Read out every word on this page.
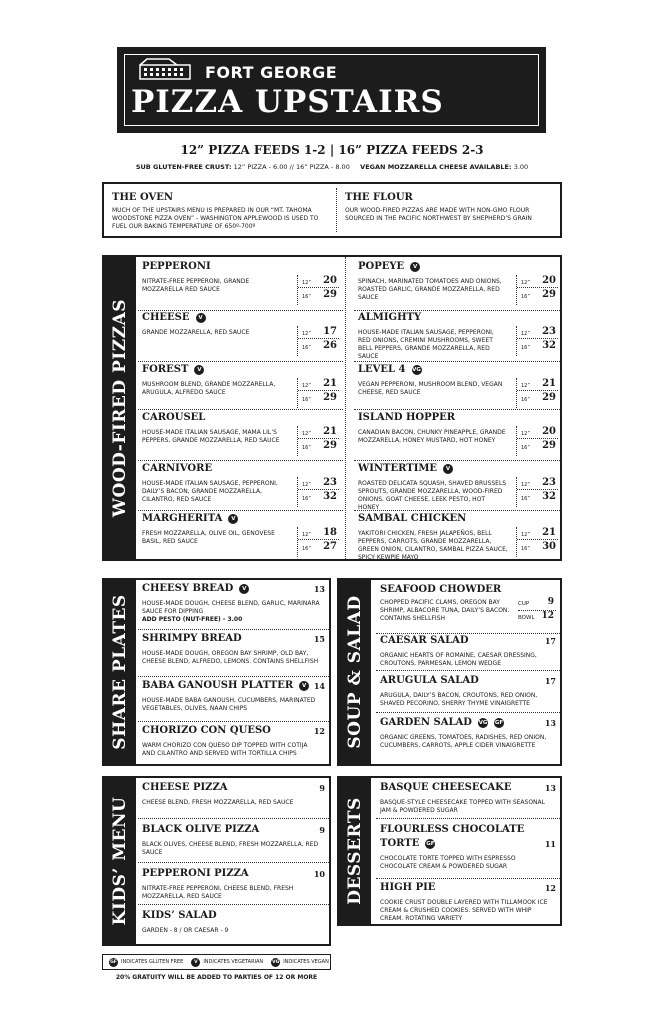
FORT GEORGE
PIZZA UPSTAIRS
12” PIZZA FEEDS 1-2 | 16” PIZZA FEEDS 2-3
SUB GLUTEN-FREE CRUST: 12” PIZZA - 6.00 // 16” PIZZA - 8.00 VEGAN MOZZARELLA CHEESE AVAILABLE: 3.00
THE OVEN
MUCH OF THE UPSTAIRS MENU IS PREPARED IN OUR “MT. TAHOMA WOODSTONE PIZZA OVEN” - WASHINGTON APPLEWOOD IS USED TO FUEL OUR BAKING TEMPERATURE OF 650º-700º
THE FLOUR
OUR WOOD-FIRED PIZZAS ARE MADE WITH NON-GMO FLOUR SOURCED IN THE PACIFIC NORTHWEST BY SHEPHERD’S GRAIN
WOOD-FIRED PIZZAS
PEPPERONI
NITRATE-FREE PEPPERONI, GRANDE MOZZARELLA RED SAUCE
12” 20
16” 29
CHEESE	V
GRANDE MOZZARELLA, RED SAUCE	12” 17
16” 26
FOREST	V
MUSHROOM BLEND, GRANDE MOZZARELLA, ARUGULA, ALFREDO SAUCE
12” 21
16” 29
CAROUSEL
HOUSE-MADE ITALIAN SAUSAGE, MAMA LIL’S PEPPERS, GRANDE MOZZARELLA, RED SAUCE
12” 21
16” 29
CARNIVORE
HOUSE-MADE ITALIAN SAUSAGE, PEPPERONI, DAILY’S BACON, GRANDE MOZZARELLA, CILANTRO, RED SAUCE
12” 23
16” 32
MARGHERITA	V
FRESH MOZZARELLA, OLIVE OIL, GENOVESE BASIL, RED SAUCE
12” 18
16” 27
POPEYE	V
SPINACH, MARINATED TOMATOES AND ONIONS, ROASTED GARLIC, GRANDE MOZZARELLA, RED SAUCE
12” 20
16” 29
ALMIGHTY
HOUSE-MADE ITALIAN SAUSAGE, PEPPERONI, RED ONIONS, CREMINI MUSHROOMS, SWEET BELL PEPPERS, GRANDE MOZZARELLA, RED SAUCE
12” 23
16” 32
LEVEL 4 VG
VEGAN PEPPERONI, MUSHROOM BLEND, VEGAN CHEESE, RED SAUCE
12” 21
16” 29
ISLAND HOPPER
CANADIAN BACON, CHUNKY PINEAPPLE, GRANDE MOZZARELLA, HONEY MUSTARD, HOT HONEY
12” 20
16” 29
WINTERTIME	V
ROASTED DELICATA SQUASH, SHAVED BRUSSELS SPROUTS, GRANDE MOZZARELLA, WOOD-FIRED ONIONS, GOAT CHEESE, LEEK PESTO, HOT HONEY
12” 23
16” 32
SAMBAL CHICKEN
YAKITORI CHICKEN, FRESH JALAPEÑOS, BELL PEPPERS, CARROTS, GRANDE MOZZARELLA, GREEN ONION, CILANTRO, SAMBAL PIZZA SAUCE, SPICY KEWPIE MAYO
12” 21
16” 30
SHARE PLATES
CHEESY BREAD	V	13
HOUSE-MADE DOUGH, CHEESE BLEND, GARLIC, MARINARA SAUCE FOR DIPPING
ADD PESTO (NUT-FREE) - 3.00
SHRIMPY BREAD	15
HOUSE-MADE DOUGH, OREGON BAY SHRIMP, OLD BAY, CHEESE BLEND, ALFREDO, LEMONS. CONTAINS SHELLFISH
BABA GANOUSH PLATTER	V 14
HOUSE-MADE BABA GANOUSH, CUCUMBERS, MARINATED VEGETABLES, OLIVES, NAAN CHIPS
CHORIZO CON QUESO	12
WARM CHORIZO CON QUESO DIP TOPPED WITH COTIJA AND CILANTRO AND SERVED WITH TORTILLA CHIPS
SOUP & SALAD
SEAFOOD CHOWDER
CHOPPED PACIFIC CLAMS, OREGON BAY SHRIMP, ALBACORE TUNA, DAILY’S BACON. CONTAINS SHELLFISH
CUP 9
BOWL 12
CAESAR SALAD	17
ORGANIC HEARTS OF ROMAINE, CAESAR DRESSING, CROUTONS, PARMESAN, LEMON WEDGE
ARUGULA SALAD	17
ARUGULA, DAILY’S BACON, CROUTONS, RED ONION, SHAVED PECORINO, SHERRY THYME VINAIGRETTE
GARDEN SALAD VG GF	13
ORGANIC GREENS, TOMATOES, RADISHES, RED ONION, CUCUMBERS, CARROTS, APPLE CIDER VINAIGRETTE
KIDS’ MENU
CHEESE PIZZA	9
CHEESE BLEND, FRESH MOZZARELLA, RED SAUCE
BLACK OLIVE PIZZA	9
BLACK OLIVES, CHEESE BLEND, FRESH MOZZARELLA, RED SAUCE
PEPPERONI PIZZA	10
NITRATE-FREE PEPPERONI, CHEESE BLEND, FRESH MOZZARELLA, RED SAUCE
KIDS’ SALAD
GARDEN - 8 / OR CAESAR - 9
DESSERTS
BASQUE CHEESECAKE	13
BASQUE-STYLE CHEESECAKE TOPPED WITH SEASONAL JAM & POWDERED SUGAR
FLOURLESS CHOCOLATE
TORTE GF	11
CHOCOLATE TORTE TOPPED WITH ESPRESSO CHOCOLATE CREAM & POWDERED SUGAR
HIGH PIE	12
COOKIE CRUST DOUBLE LAYERED WITH TILLAMOOK ICE CREAM & CRUSHED COOKIES. SERVED WITH WHIP CREAM. ROTATING VARIETY
GF INDICATES GLUTEN FREE	V	INDICATES VEGETARIAN VG INDICATES VEGAN
20% GRATUITY WILL BE ADDED TO PARTIES OF 12 OR MORE
